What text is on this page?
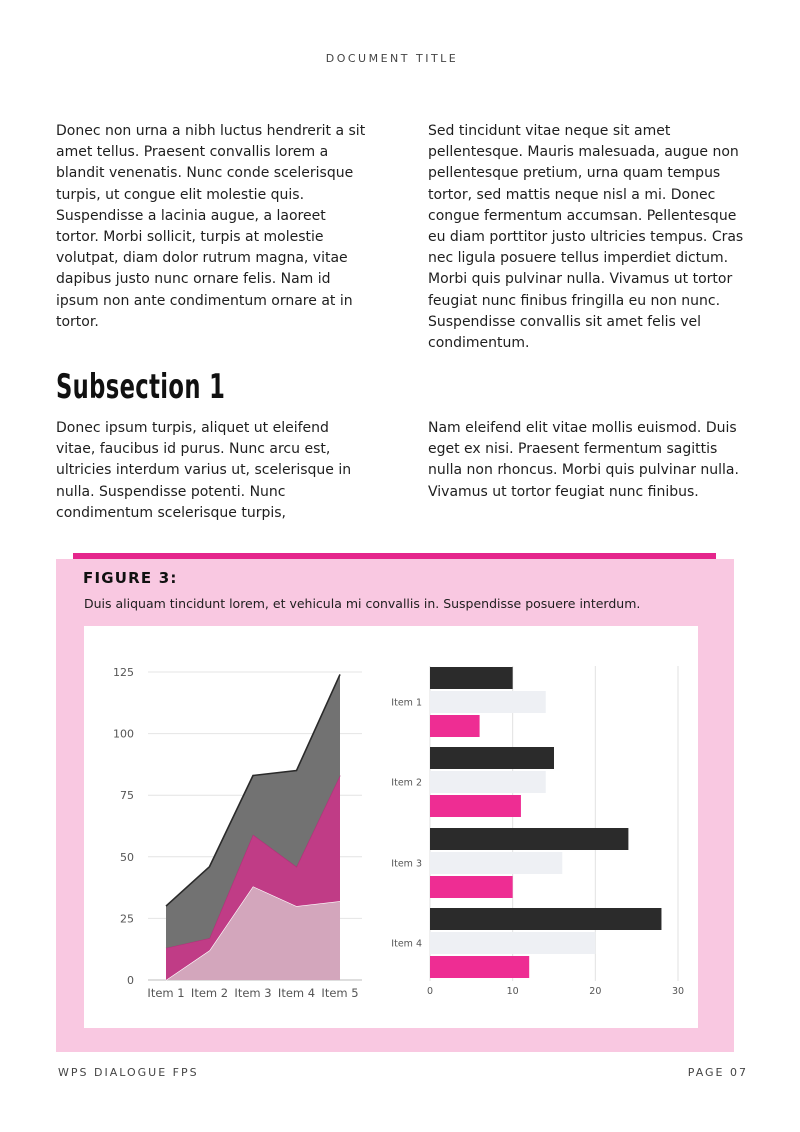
DOCUMENT TITLE

Donec non urna a nibh luctus hendrerit a sit amet tellus. Praesent convallis lorem a blandit venenatis. Nunc conde scelerisque turpis, ut congue elit molestie quis. Suspendisse a lacinia augue, a laoreet tortor. Morbi sollicit, turpis at molestie volutpat, diam dolor rutrum magna, vitae dapibus justo nunc ornare felis. Nam id ipsum non ante condimentum ornare at in tortor.

Subsection 1

Donec ipsum turpis, aliquet ut eleifend vitae, faucibus id purus. Nunc arcu est, ultricies interdum varius ut, scelerisque in nulla. Suspendisse potenti. Nunc condimentum scelerisque turpis,

Sed tincidunt vitae neque sit amet pellentesque. Mauris malesuada, augue non pellentesque pretium, urna quam tempus tortor, sed mattis neque nisl a mi. Donec congue fermentum accumsan. Pellentesque eu diam porttitor justo ultricies tempus. Cras nec ligula posuere tellus imperdiet dictum. Morbi quis pulvinar nulla. Vivamus ut tortor feugiat nunc finibus fringilla eu non nunc. Suspendisse convallis sit amet felis vel condimentum.

Nam eleifend elit vitae mollis euismod. Duis eget ex nisi. Praesent fermentum sagittis nulla non rhoncus. Morbi quis pulvinar nulla. Vivamus ut tortor feugiat nunc finibus.

FIGURE 3:

Duis aliquam tincidunt lorem, et vehicula mi convallis in. Suspendisse posuere interdum.

0
25
50
75
100
125
Item 1 Item 2 Item 3 Item 4 Item 5	0	10	20	30
Item 1
Item 2
Item 3
Item 4
WPS DIALOGUE FPS	PAGE 07
